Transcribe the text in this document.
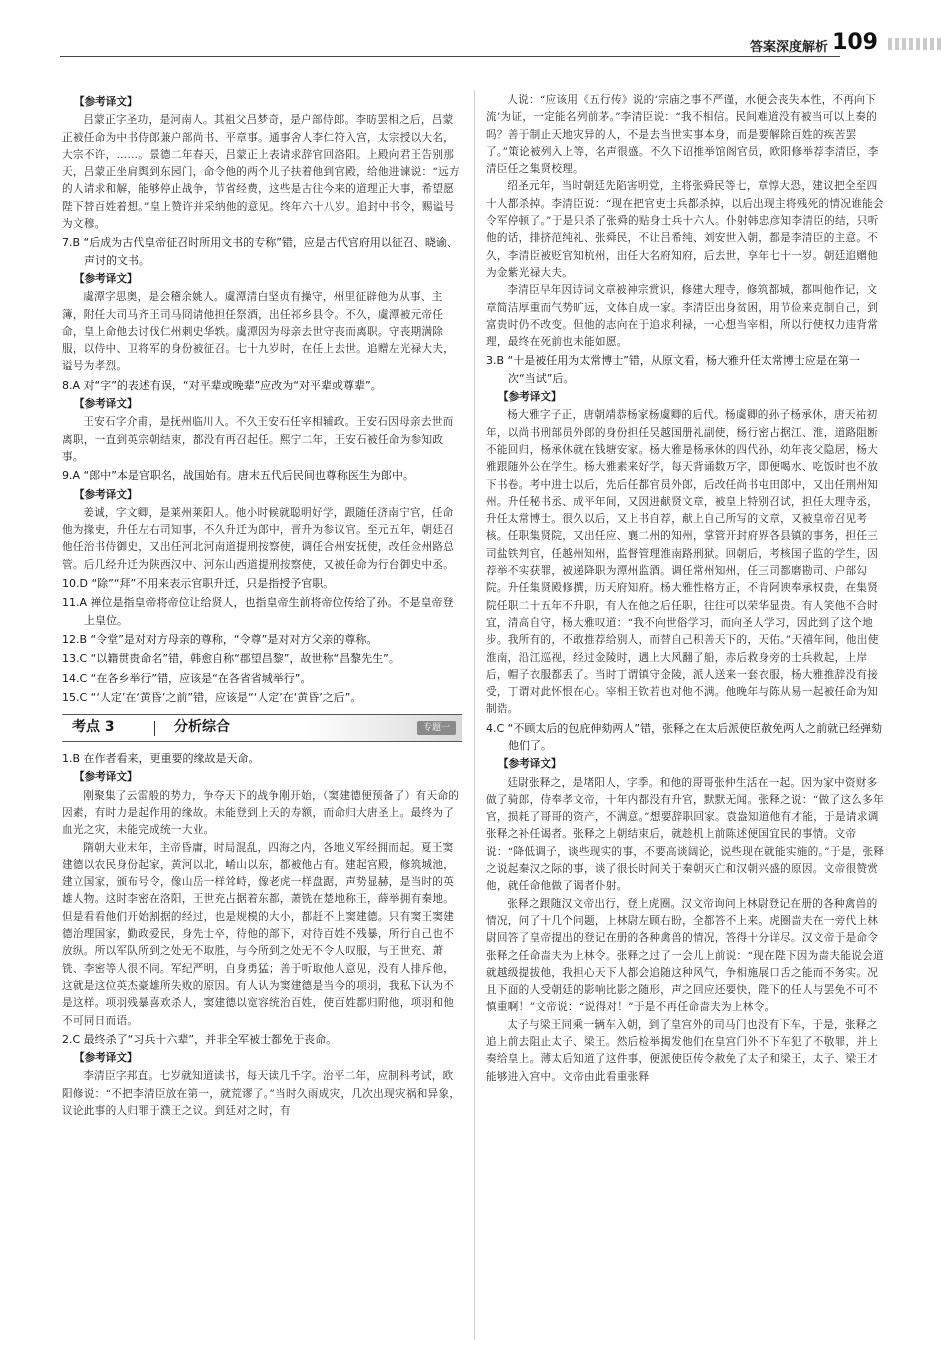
答案深度解析 109
【参考译文】

吕蒙正字圣功，是河南人。其祖父吕梦奇，是户部侍郎。李昉罢相之后，吕蒙正被任命为中书侍郎兼户部尚书、平章事。通事舍人李仁符入宫，太宗授以大名，大宗不许，……。景德二年春天，吕蒙正上表请求辞官回洛阳。上殿向君王告别那天，吕蒙正坐肩舆到东园门，命令他的两个儿子扶着他到官殿，给他进谏说：“远方的人请求和解，能够停止战争，节省经费，这些是古往今来的道理正大事，希望愿陛下替百姓着想。”皇上赞许并采纳他的意见。终年六十八岁。追封中书令，赐谥号为文穆。

7.B “后成为古代皇帝征召时所用文书的专称”错，应是古代官府用以征召、晓谕、声讨的文书。
【参考译文】

虞潭字思奥，是会稽余姚人。虞潭清白坚贞有操守，州里征辟他为从事、主簿，附任大司马齐王司马冏请他担任祭酒，出任祁乡县令。不久，虞潭被元帝任命，皇上命他去讨伐仁州刺史华轶。虞潭因为母亲去世守丧而离职。守丧期满除服，以侍中、卫将军的身份被征召。七十九岁时，在任上去世。追赠左光禄大夫，谥号为孝烈。

8.A 对“字”的表述有误，“对平辈或晚辈”应改为“对平辈或尊辈”。
【参考译文】

王安石字介甫，是抚州临川人。不久王安石任宰相辅政。王安石因母亲去世而离职，一直到英宗朝结束，都没有再召起任。熙宁二年，王安石被任命为参知政事。

9.A “郎中”本是官职名，战国始有。唐末五代后民间也尊称医生为郎中。
【参考译文】

姜诚，字文卿，是莱州莱阳人。他小时候就聪明好学，跟随任济南宁官，任命他为掾吏，升任左右司知事，不久升迁为郎中，晋升为参议官。至元五年，朝廷召他任治书侍御史，又出任河北河南道提刑按察使，调任合州安抚使，改任佥州路总管。后几经升迁为陕西汉中、河东山西道提刑按察使，又被任命为行台御史中丞。

10.D “除”“拜”不用来表示官职升迁，只是指授予官职。
11.A 禅位是指皇帝将帝位让给贤人，也指皇帝生前将帝位传给了孙。不是皇帝登上皇位。
12.B “令堂”是对对方母亲的尊称，“令尊”是对对方父亲的尊称。
13.C “以籍贯贵命名”错，韩愈自称“郡望昌黎”，故世称“昌黎先生”。
14.C “在各乡举行”错，应该是“在各省省城举行”。
15.C “‘人定’在‘黄昏’之前”错，应该是“‘人定’在‘黄昏’之后”。
考点 3	分析综合	专题一
1.B 在作者看来，更重要的缘故是天命。
【参考译文】

刚聚集了云雷般的势力，争夺天下的战争刚开始，（窦建德便预备了）有天命的因素，有时力是起作用的缘故。未能登到上天的寿额，而命归大唐圣上。最终为了血光之灾，未能完成统一大业。

隋朝大业末年，主帝昏庸，时局混乱，四海之内，各地义军经拥而起。夏王窦建德以农民身份起家，黄河以北，崤山以东，都被他占有。建起宫殿，修筑城池，建立国家，颁布号令，像山岳一样耸峙，像老虎一样盘踞，声势显赫，是当时的英雄人物。这时李密在洛阳，王世充占据着东都，萧铣在楚地称王，薛举拥有秦地。但是看看他们开始割据的经过，也是规模的大小，都赶不上窦建德。只有窦王窦建德治理国家，勤政爱民，身先士卒，待他的部下，对待百姓不残暴，所行自己也不放纵。所以军队所到之处无不取胜，与今所到之处无不令人叹服，与王世充、萧铣、李密等人很不同。军纪严明，自身勇猛；善于听取他人意见，没有人排斥他，这就是这位英杰豪雄所失败的原因。有人认为窦建德是当今的项羽，我私下认为不是这样。项羽残暴喜欢杀人，窦建德以宽容统治百姓，使百姓都归附他，项羽和他不可同日而语。

2.C 最终杀了“习兵十六辈”，并非全军被士都免于丧命。
【参考译文】

李清臣字邦直。七岁就知道读书，每天读几千字。治平二年，应制科考试，欧阳修说：“不把李清臣放在第一，就荒谬了。”当时久雨成灾，几次出现灾祸和异象，议论此事的人归罪于濮王之议。到廷对之时，有

人说：“应该用《五行传》说的‘宗庙之事不严谨，水便会丧失本性，不再向下流’为证，一定能名列前茅。”李清臣说：“我不相信。民间难道没有被当可以上奏的吗？善于制止天地灾异的人，不是去当世实事本身，而是要解除百姓的疾苦罢了。”策论被列入上等，名声很盛。不久下诏推举馆阁官员，欧阳修举荐李清臣，李清臣任之集贤校理。

绍圣元年，当时朝廷先陷害明党，主将张舜民等七，章惇大恐，建议把全至四十人都杀掉。李清臣说：“现在把官吏士兵都杀掉，以后出现主将残死的情况谁能会令军停顿了。”于是只杀了张舜的贴身士兵十六人。仆射韩忠彦知李清臣的结，只听他的话，排挤范纯礼、张舜民，不让吕希纯、刘安世入朝，都是李清臣的主意。不久，李清臣被贬官知杭州，出任大名府知府，后去世，享年七十一岁。朝廷追赠他为金紫光禄大夫。

李清臣早年因诗词文章被神宗赏识，修建大理寺，修筑都城，都叫他作记，文章简洁厚重而气势旷远，文体自成一家。李清臣出身贫困，用节俭来克制自己，到富贵时仍不改变。但他的志向在于追求利禄，一心想当宰相，所以行使权力违背常理，最终在死前也未能如愿。

3.B “十是被任用为太常博士”错，从原文看，杨大雅升任太常博士应是在第一次“当试”后。
【参考译文】

杨大雅字子正，唐朝靖恭杨家杨虞卿的后代。杨虞卿的孙子杨承休，唐天祐初年，以尚书刑部员外郎的身份担任吴越国册礼副使，杨行密占据江、淮，道路阻断不能回归，杨承休就在钱塘安家。杨大雅是杨承休的四代孙，幼年丧父隐居，杨大雅跟随外公在学生。杨大雅素来好学，每天背诵数万字，即便喝水、吃饭时也不放下书卷。考中进士以后，先后任都官员外郎，后改任尚书屯田郎中，又出任荆州知州。升任秘书丞、成平年间，又因进献贤文章，被皇上特别召试，担任大理寺丞，升任太常博士。很久以后，又上书自荐，献上自己所写的文章，又被皇帝召见考核。任职集贤院，又出任应、襄二州的知州，掌管开封府界各县镇的事务，担任三司盐铁判官，任越州知州，监督管理淮南路刑狱。回朝后，考核国子监的学生，因荐举不实获罪，被递降职为潭州监酒。调任常州知州，任三司都磨勘司、户部勾院。升任集贤殿修撰，历天府知府。杨大雅性格方正，不肯阿谀奉承权贵，在集贤院任职二十五年不升职，有人在他之后任职，往往可以荣华显贵。有人笑他不合时宜，清高自守，杨大雅叹道：“我不向世俗学习，而向圣人学习，因此到了这个地步。我所有的，不敢推荐给别人，而替自己积善天下的，天佑。”天禧年间，他出使淮南，沿江巡视，经过金陵时，遇上大风翻了船，赤后救身旁的士兵救起，上岸后，帽子衣服都丢了。当时丁谓镇守金陵，派人送来一套衣服，杨大雅推辞没有接受，丁谓对此怀恨在心。宰相王钦若也对他不满。他晚年与陈从易一起被任命为知制诰。

4.C “不顾太后的包庇伸劾两人”错，张释之在太后派使臣赦免两人之前就已经弹劾他们了。
【参考译文】

廷尉张释之，是堵阳人，字季。和他的哥哥张仲生活在一起。因为家中资财多做了骑郎，侍奉孝文帝，十年内都没有升官，默默无闻。张释之说：“做了这么多年官，损耗了哥哥的资产，不满意。”想要辞职回家。袁盎知道他有才能，于是请求调张释之补任谒者。张释之上朝结束后，就趁机上前陈述便国宜民的事情。文帝说：“降低调子，谈些现实的事，不要高谈阔论，说些现在就能实施的。”于是，张释之说起秦汉之际的事，谈了很长时间关于秦朝灭亡和汉朝兴盛的原因。文帝很赞赏他，就任命他做了谒者仆射。

张释之跟随汉文帝出行，登上虎圈。汉文帝询问上林尉登记在册的各种禽兽的情况，问了十几个问题，上林尉左顾右盼，全都答不上来。虎圈啬夫在一旁代上林尉回答了皇帝提出的登记在册的各种禽兽的情况，答得十分详尽。汉文帝于是命令张释之任命啬夫为上林令。张释之过了一会儿上前说：“现在陛下因为啬夫能说会道就越级提拔他，我担心天下人都会追随这种风气，争相施展口舌之能而不务实。况且下面的人受朝廷的影响比影之随形，声之回应还要快，陛下的任人与罢免不可不慎重啊！”文帝说：“说得对！”于是不再任命啬夫为上林令。

太子与梁王同乘一辆车入朝，到了皇宫外的司马门也没有下车，于是，张释之追上前去阻止太子、梁王。然后检举揭发他们在皇宫门外不下车犯了不敬罪，并上奏给皇上。薄太后知道了这件事，便派使臣传令赦免了太子和梁王，太子、梁王才能够进入宫中。文帝由此看重张释
